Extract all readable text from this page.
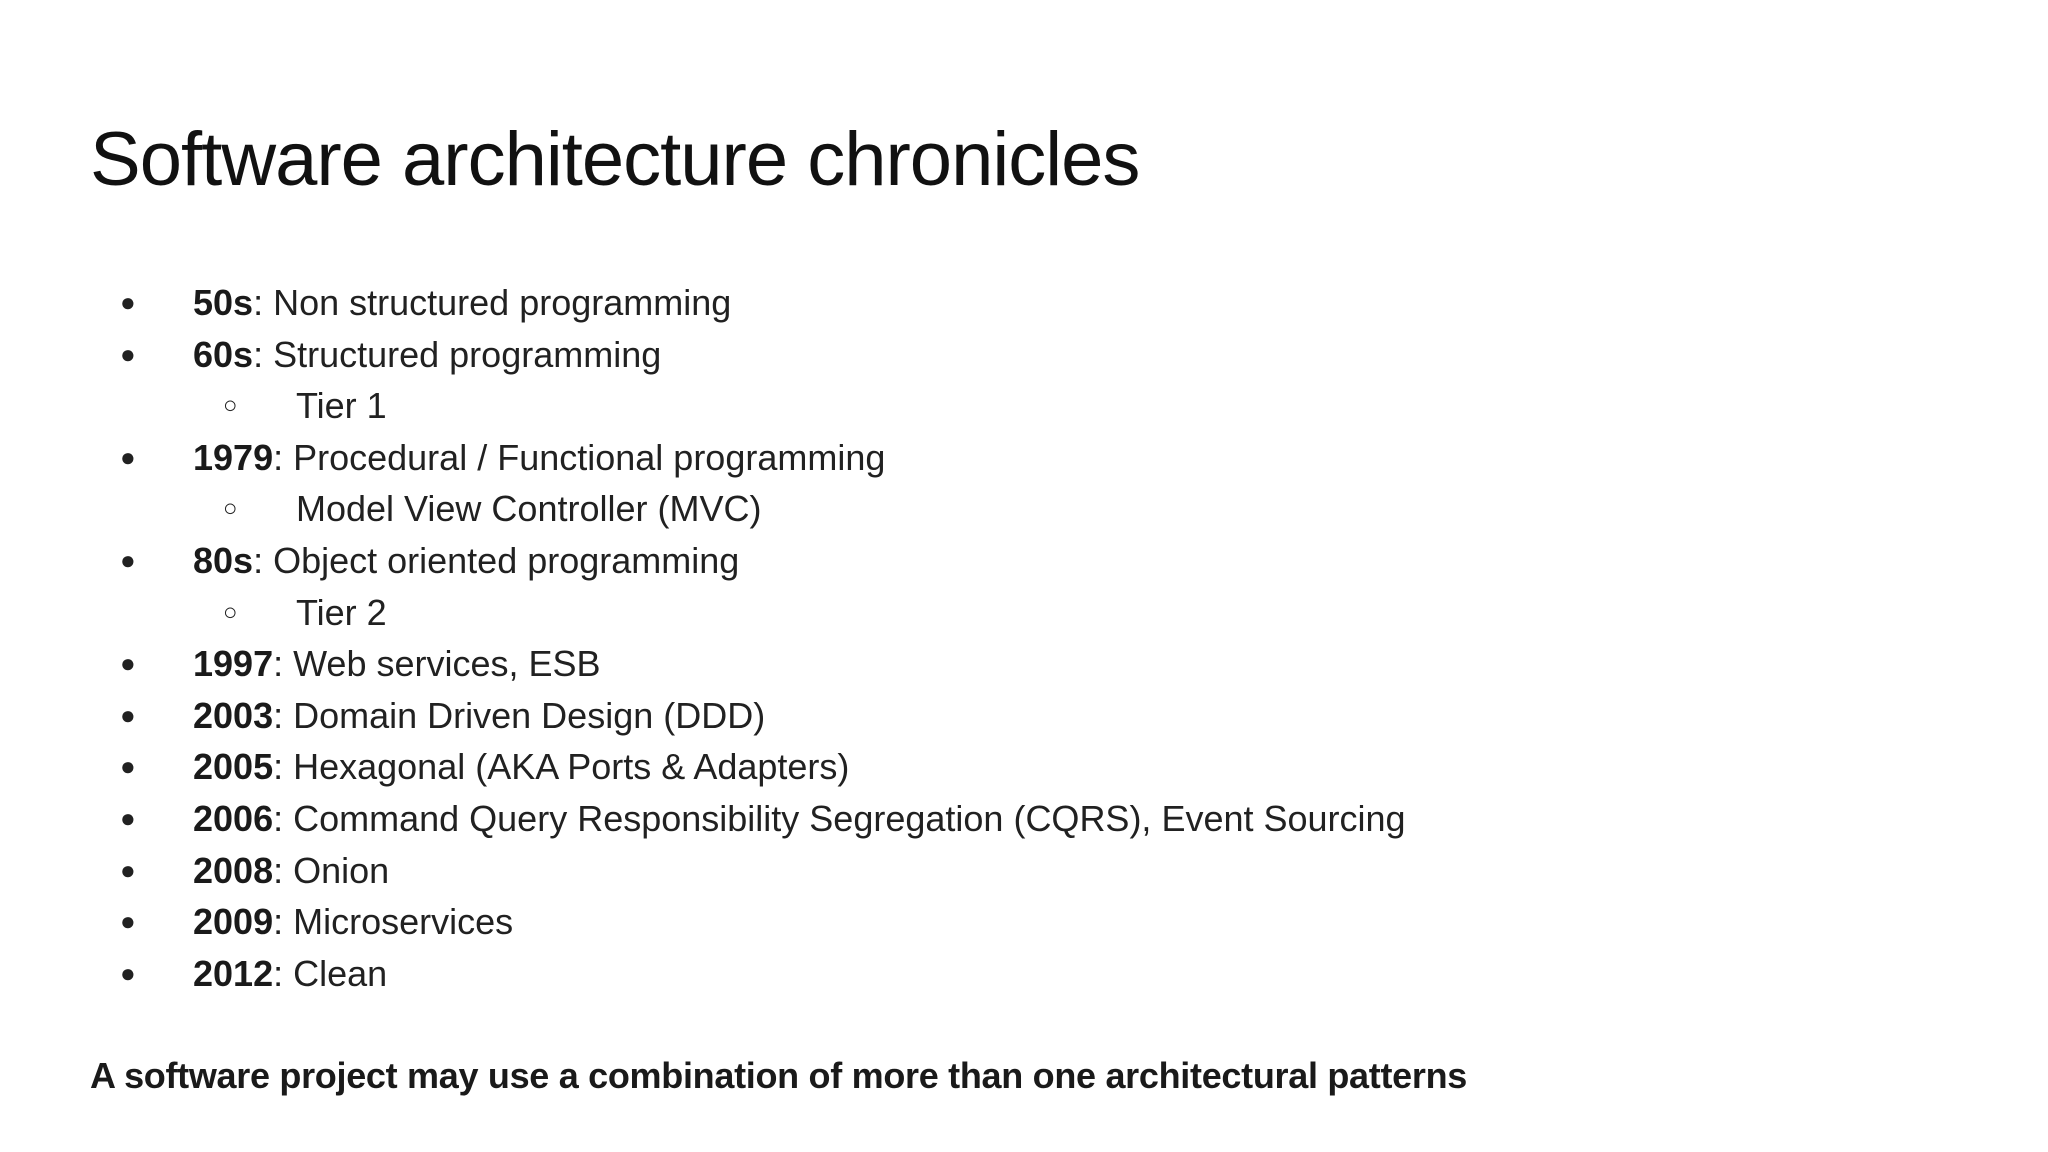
Software architecture chronicles
● 50s: Non structured programming
● 60s: Structured programming
○ Tier 1
● 1979: Procedural / Functional programming
○ Model View Controller (MVC)
● 80s: Object oriented programming
○ Tier 2
● 1997: Web services, ESB
● 2003: Domain Driven Design (DDD)
● 2005: Hexagonal (AKA Ports & Adapters)
● 2006: Command Query Responsibility Segregation (CQRS), Event Sourcing
● 2008: Onion
● 2009: Microservices
● 2012: Clean

A software project may use a combination of more than one architectural patterns
